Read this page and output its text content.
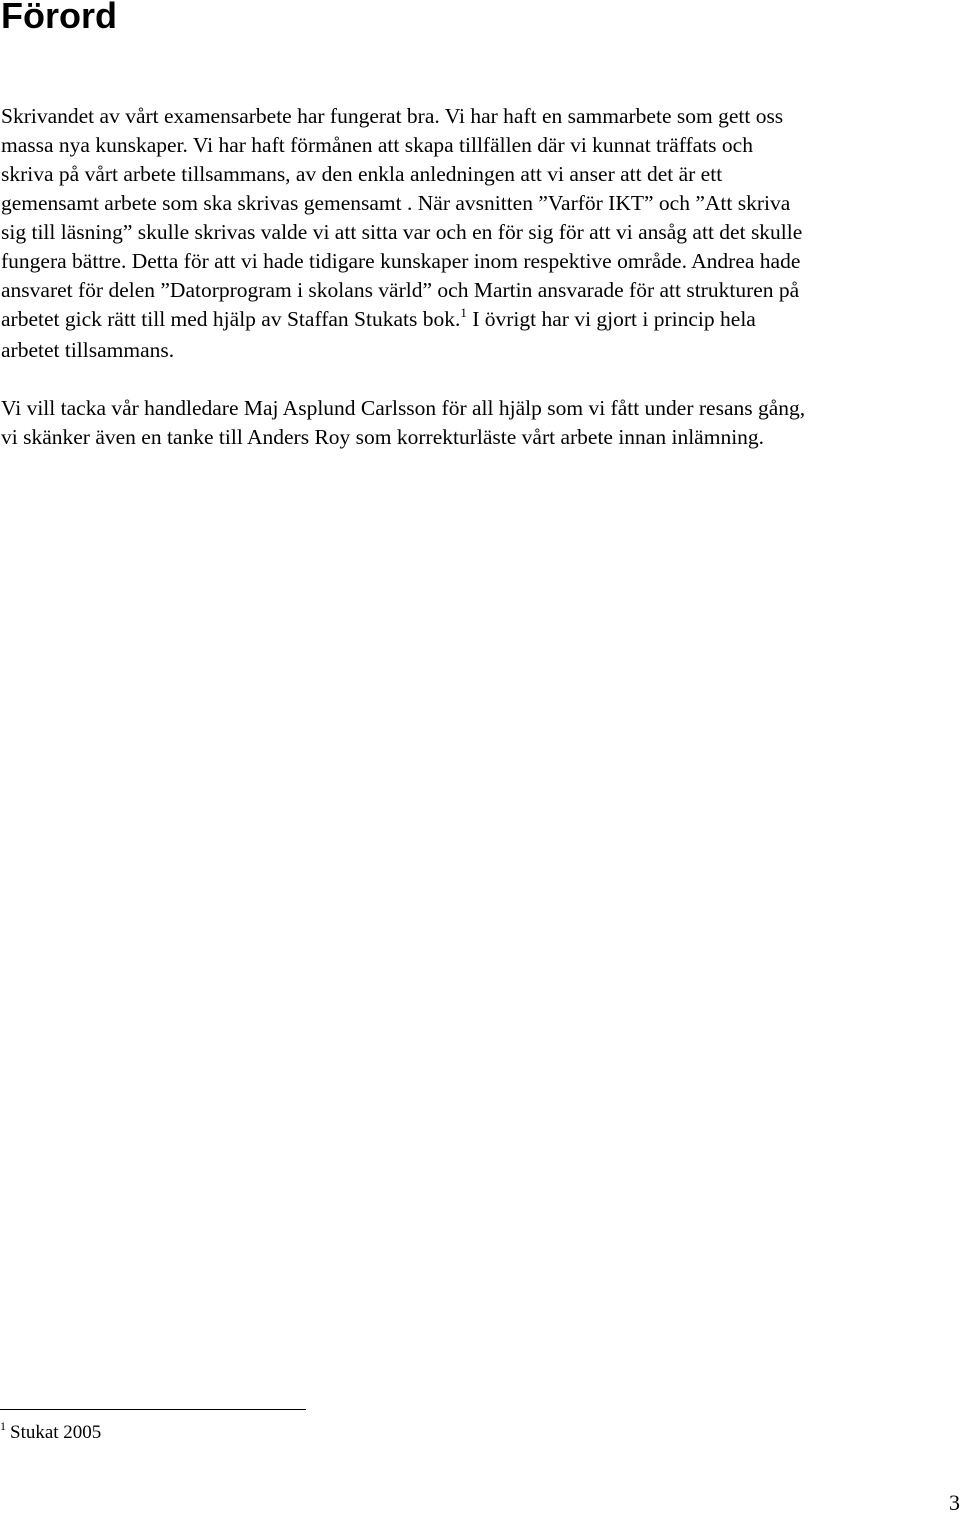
Förord
Skrivandet av vårt examensarbete har fungerat bra. Vi har haft en sammarbete som gett oss
massa nya kunskaper. Vi har haft förmånen att skapa tillfällen där vi kunnat träffats och
skriva på vårt arbete tillsammans, av den enkla anledningen att vi anser att det är ett
gemensamt arbete som ska skrivas gemensamt . När avsnitten ”Varför IKT” och ”Att skriva
sig till läsning” skulle skrivas valde vi att sitta var och en för sig för att vi ansåg att det skulle
fungera bättre. Detta för att vi hade tidigare kunskaper inom respektive område. Andrea hade
ansvaret för delen ”Datorprogram i skolans värld” och Martin ansvarade för att strukturen på
arbetet gick rätt till med hjälp av Staffan Stukats bok.$^1$ I övrigt har vi gjort i princip hela
arbetet tillsammans.
Vi vill tacka vår handledare Maj Asplund Carlsson för all hjälp som vi fått under resans gång,
vi skänker även en tanke till Anders Roy som korrekturläste vårt arbete innan inlämning.
$^1$ Stukat 2005
3
